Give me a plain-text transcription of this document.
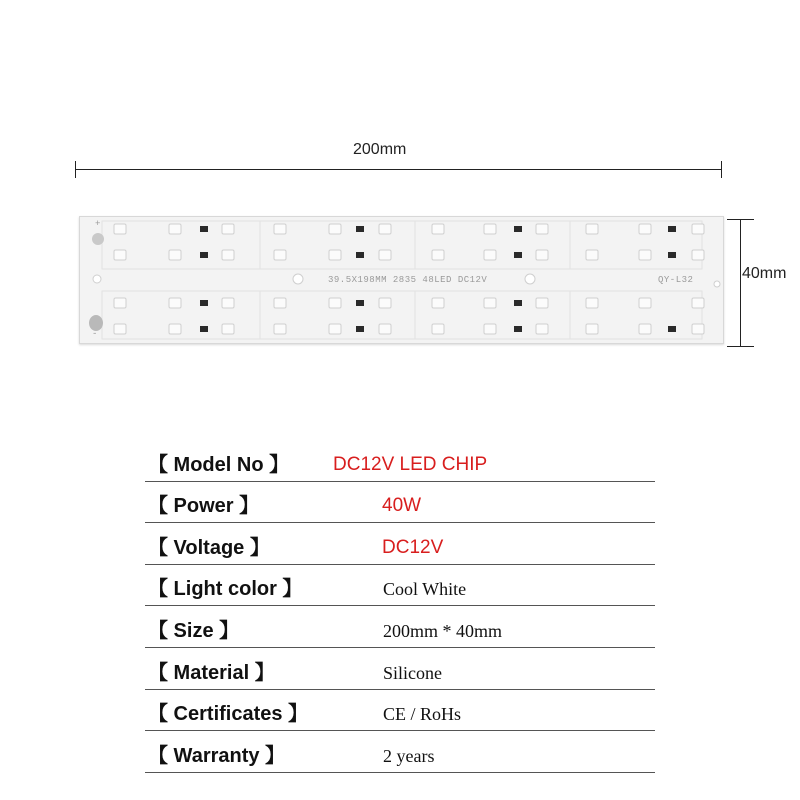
200mm
40mm
+
-
39.5X198MM 2835 48LED DC12V	QY-L32
【 Model No 】 DC12V LED CHIP
【 Power 】	40W
【 Voltage 】	DC12V
【 Light color 】	Cool White
【 Size 】	200mm * 40mm
【 Material 】	Silicone
【 Certificates 】	CE / RoHs
【 Warranty 】	2 years
